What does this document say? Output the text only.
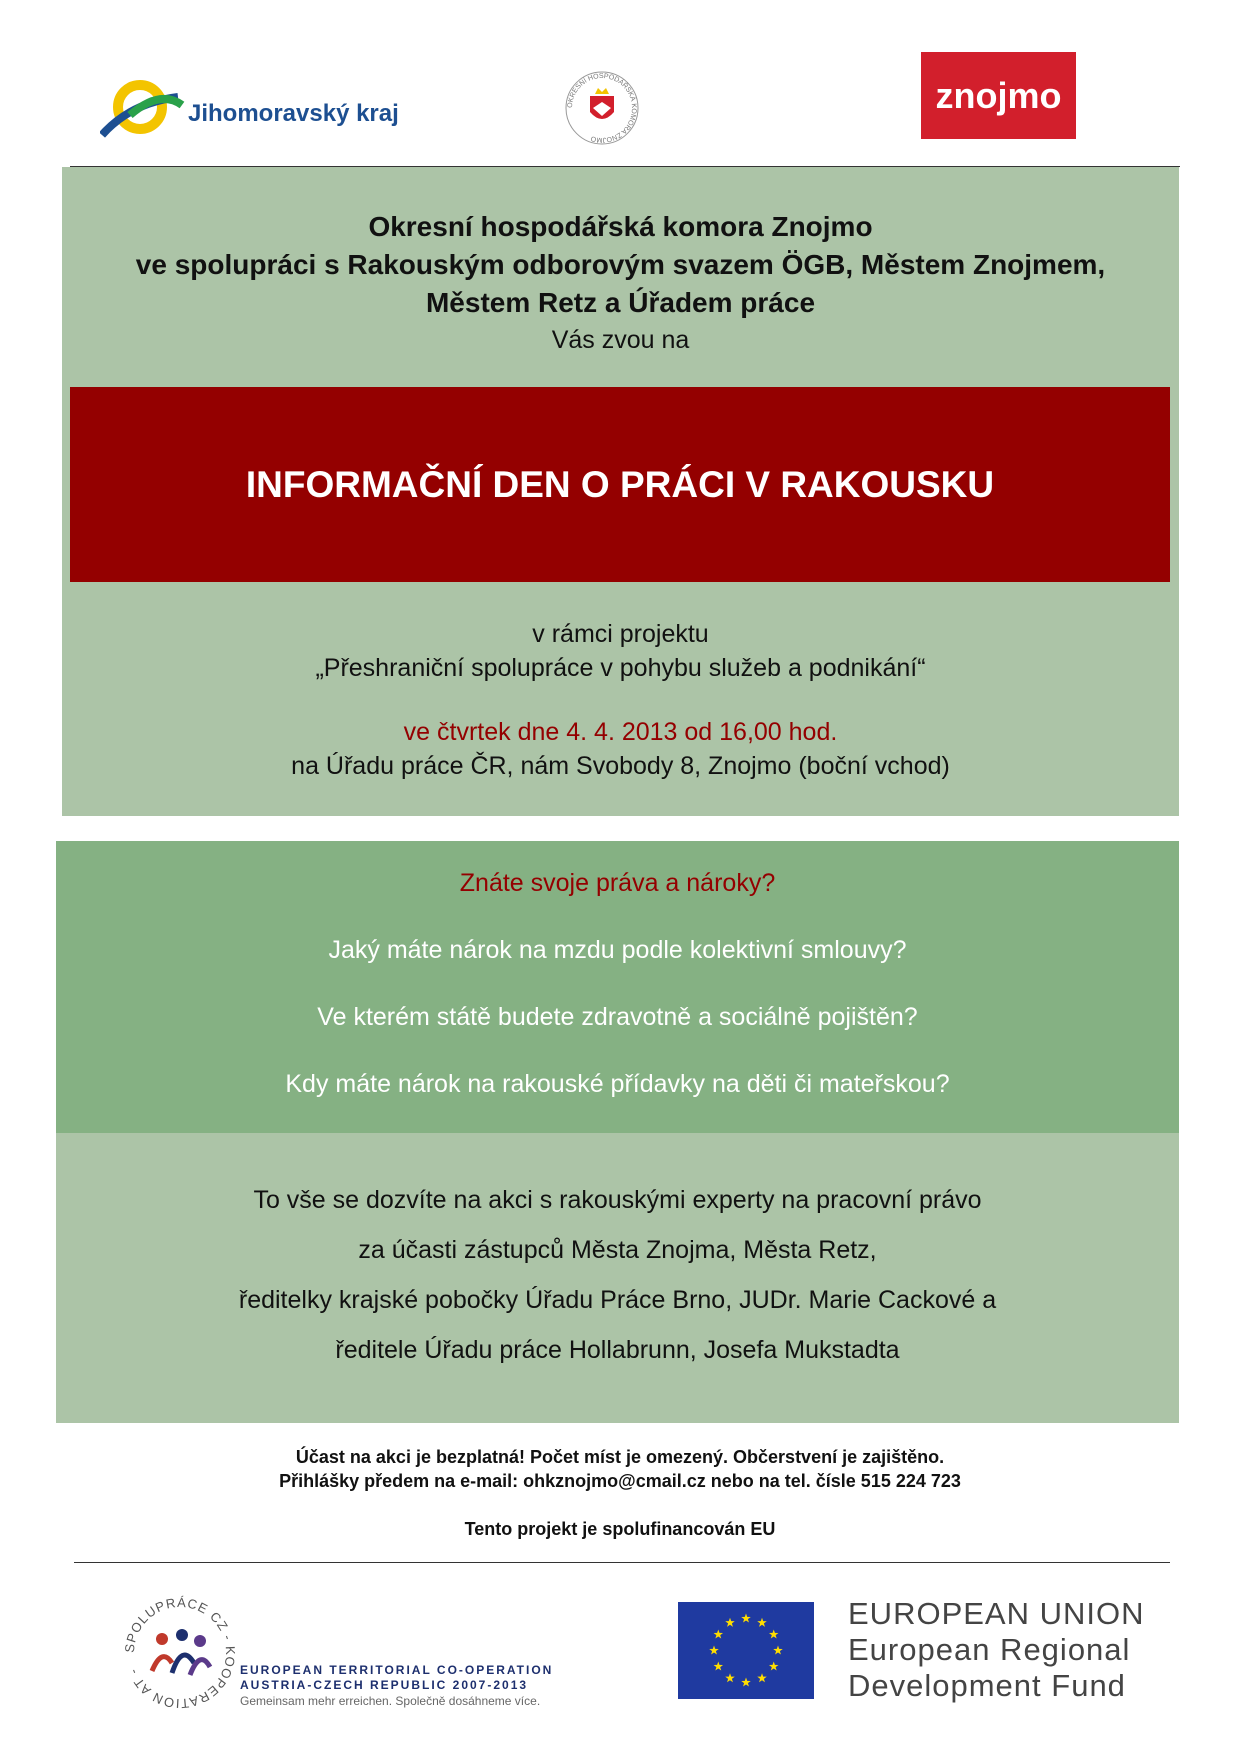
Jihomoravský kraj	OKRESNÍ HOSPODÁŘSKÁ KOMORA ZNOJMO
znojmo
Okresní hospodářská komora Znojmo
ve spolupráci s Rakouským odborovým svazem ÖGB, Městem Znojmem,
Městem Retz a Úřadem práce
Vás zvou na
INFORMAČNÍ DEN O PRÁCI V RAKOUSKU
v rámci projektu
„Přeshraniční spolupráce v pohybu služeb a podnikání“
ve čtvrtek dne 4. 4. 2013 od 16,00 hod.
na Úřadu práce ČR, nám Svobody 8, Znojmo (boční vchod)
Znáte svoje práva a nároky?
Jaký máte nárok na mzdu podle kolektivní smlouvy?
Ve kterém státě budete zdravotně a sociálně pojištěn?
Kdy máte nárok na rakouské přídavky na děti či mateřskou?
To vše se dozvíte na akci s rakouskými experty na pracovní právo
za účasti zástupců Města Znojma, Města Retz,
ředitelky krajské pobočky Úřadu Práce Brno, JUDr. Marie Cackové a
ředitele Úřadu práce Hollabrunn, Josefa Mukstadta
Účast na akci je bezplatná! Počet míst je omezený. Občerstvení je zajištěno.
Přihlášky předem na e-mail: ohkznojmo@cmail.cz nebo na tel. čísle 515 224 723
Tento projekt je spolufinancován EU
SPOLUPRÁCE CZ - KOOPERATION AT -	EUROPEAN TERRITORIAL CO-OPERATION
AUSTRIA-CZECH REPUBLIC 2007-2013
Gemeinsam mehr erreichen. Společně dosáhneme více.
EUROPEAN UNION
European Regional
Development Fund
